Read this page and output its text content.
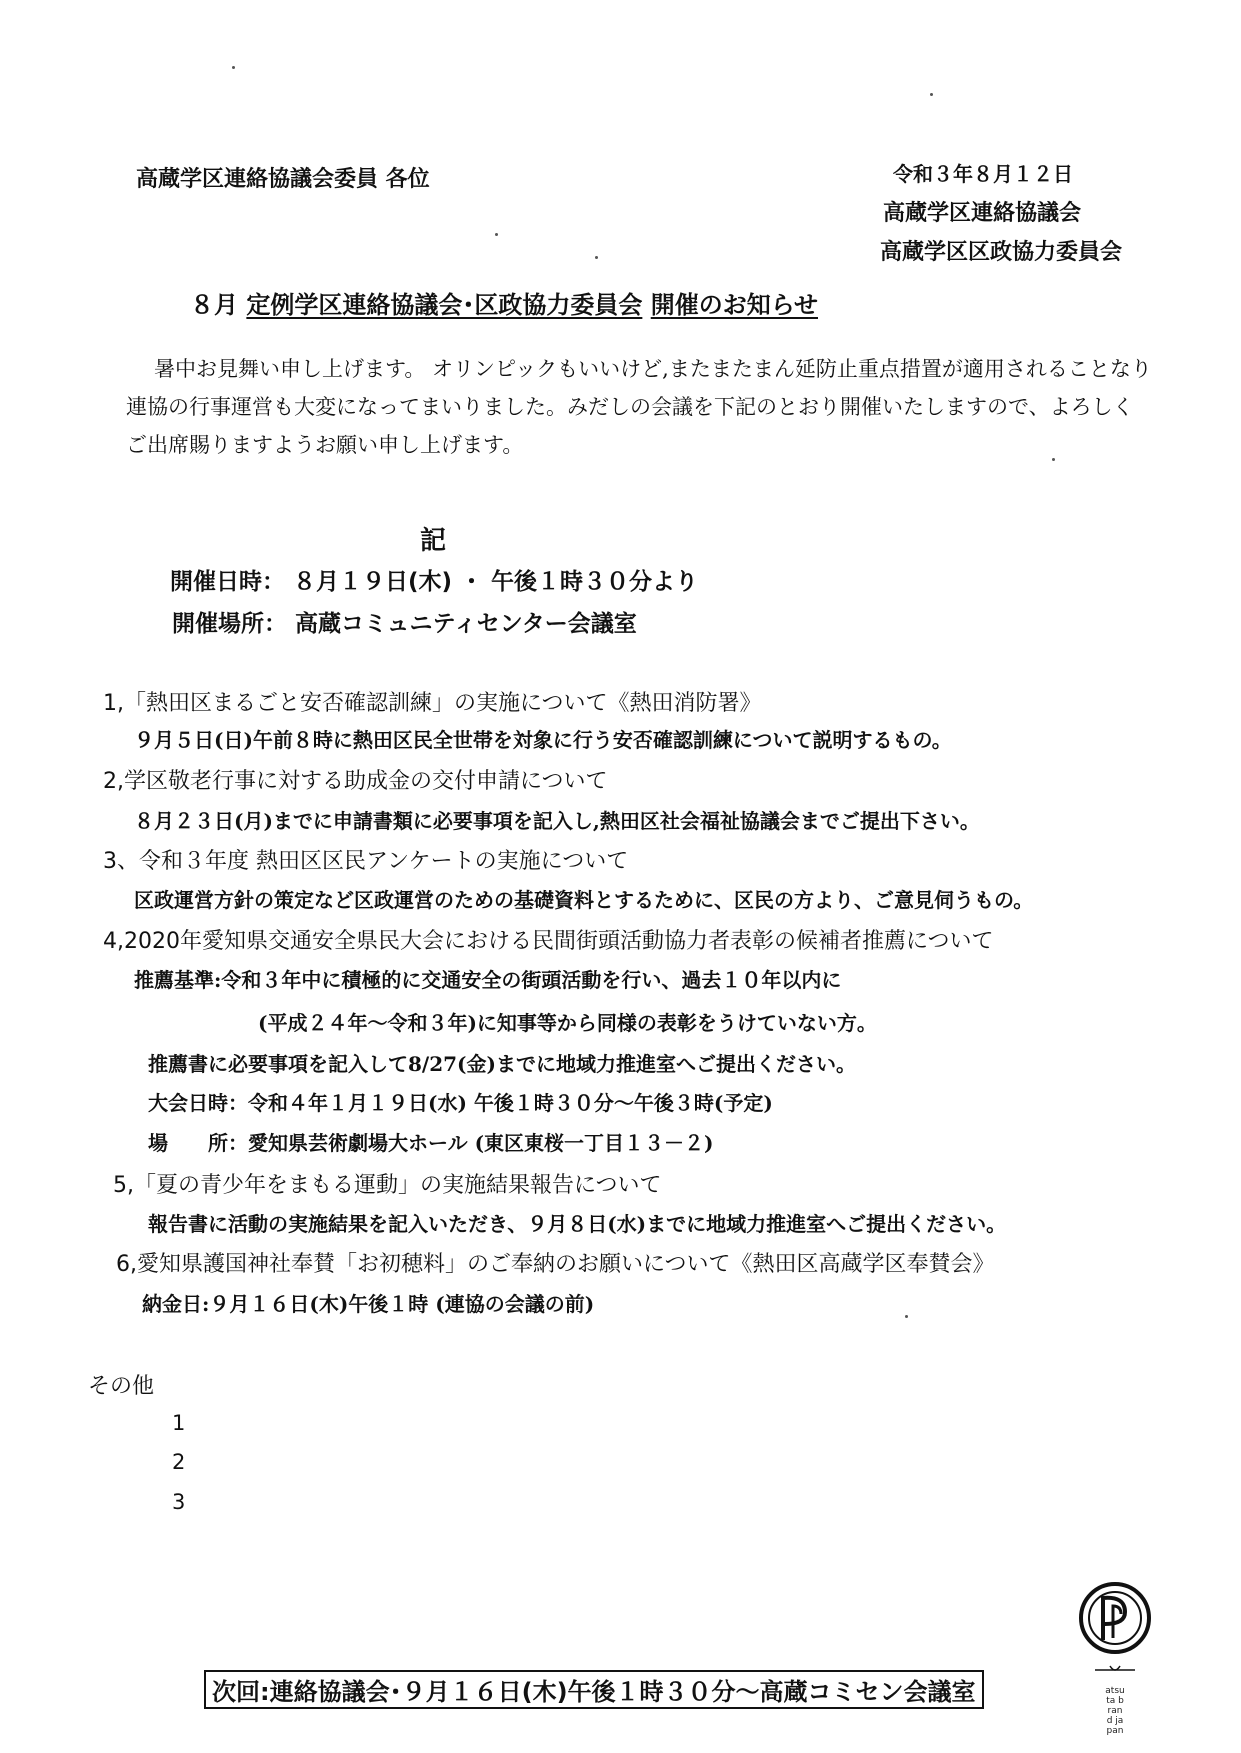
高蔵学区連絡協議会委員 各位	令和３年８月１２日
高蔵学区連絡協議会
高蔵学区区政協力委員会
８月 定例学区連絡協議会･区政協力委員会 開催のお知らせ
暑中お見舞い申し上げます。 オリンピックもいいけど,またまたまん延防止重点措置が適用されることなり
連協の行事運営も大変になってまいりました。みだしの会議を下記のとおり開催いたしますので、よろしく
ご出席賜りますようお願い申し上げます。
記
開催日時： ８月１９日(木) ・ 午後１時３０分より
開催場所： 高蔵コミュニティセンター会議室
1,「熱田区まるごと安否確認訓練」の実施について《熱田消防署》
９月５日(日)午前８時に熱田区民全世帯を対象に行う安否確認訓練について説明するもの。
2,学区敬老行事に対する助成金の交付申請について
８月２３日(月)までに申請書類に必要事項を記入し,熱田区社会福祉協議会までご提出下さい。
3、令和３年度 熱田区区民アンケートの実施について
区政運営方針の策定など区政運営のための基礎資料とするために、区民の方より、ご意見伺うもの。
4,2020年愛知県交通安全県民大会における民間街頭活動協力者表彰の候補者推薦について
推薦基準:令和３年中に積極的に交通安全の街頭活動を行い、過去１０年以内に
(平成２４年～令和３年)に知事等から同様の表彰をうけていない方。
推薦書に必要事項を記入して8/27(金)までに地域力推進室へご提出ください。
大会日時：令和４年１月１９日(水) 午後１時３０分～午後３時(予定)
場　　所：愛知県芸術劇場大ホール (東区東桜一丁目１３－２)
5,「夏の青少年をまもる運動」の実施結果報告について
報告書に活動の実施結果を記入いただき、９月８日(水)までに地域力推進室へご提出ください。
6,愛知県護国神社奉賛「お初穂料」のご奉納のお願いについて《熱田区高蔵学区奉賛会》
納金日:９月１６日(木)午後１時 (連協の会議の前)
その他
1
2
3
atsuta brand japan
次回:連絡協議会･９月１６日(木)午後１時３０分～高蔵コミセン会議室
